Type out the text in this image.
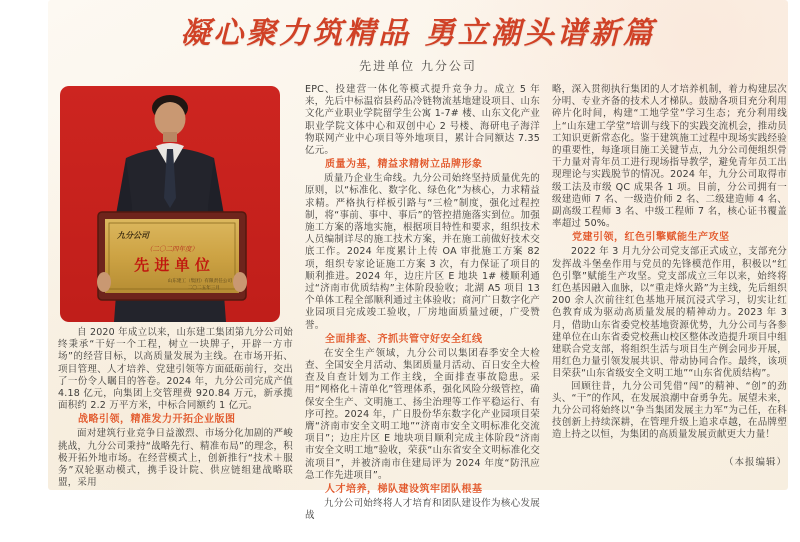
凝心聚力筑精品 勇立潮头谱新篇
先进单位 九分公司
九分公司
（二〇二四年度）
先 进 单 位
山东建工（集团）有限责任公司
二〇二五年三月

自 2020 年成立以来，山东建工集团第九分公司始终秉承“干好一个工程，树立一块牌子，开辟一方市场”的经营目标，以高质量发展为主线。在市场开拓、项目管理、人才培养、党建引领等方面砥砺前行，交出了一份令人瞩目的答卷。2024 年，九分公司完成产值 4.18 亿元，向集团上交管理费 920.84 万元，新承揽面积约 2.2 万平方米，中标合同额约 1 亿元。

战略引领，精准发力开拓企业版图

面对建筑行业竞争日益激烈、市场分化加剧的严峻挑战，九分公司秉持“战略先行、精准布局”的理念，积极开拓外地市场。在经营模式上，创新推行“技术＋服务”双轮驱动模式，携手设计院、供应链组建战略联盟，采用

EPC、投建营一体化等模式提升竞争力。成立 5 年来，先后中标温宿县药品冷链物流基地建设项目、山东文化产业职业学院留学生公寓 1-7# 楼、山东文化产业职业学院文体中心和双创中心 2 号楼、海研电子海洋物联网产业中心项目等外地项目，累计合同额达 7.35 亿元。

质量为基，精益求精树立品牌形象

质量乃企业生命线。九分公司始终坚持质量优先的原则，以“标准化、数字化、绿色化”为核心，力求精益求精。严格执行样板引路与“三检”制度，强化过程控制，将“事前、事中、事后”的管控措施落实到位。加强施工方案的落地实施，根据项目特性和要求，组织技术人员编制详尽的施工技术方案，并在施工前做好技术交底工作。2024 年度累计上传 OA 审批施工方案 82 项，组织专家论证施工方案 3 次，有力保证了项目的顺利推进。2024 年，边庄片区 E 地块 1# 楼顺利通过“济南市优质结构”主体阶段验收；北湖 A5 项目 13 个单体工程全部顺利通过主体验收；商河广日数字化产业园项目完成竣工验收，厂房地面质量过硬，广受赞誉。

全面排查、齐抓共管守好安全红线

在安全生产领域，九分公司以集团春季安全大检查、全国安全月活动、集团质量月活动、百日安全大检查及自查计划为工作主线，全面排查事故隐患。采用“网格化＋清单化”管理体系，强化风险分级管控，确保安全生产、文明施工、扬尘治理等工作平稳运行、有序可控。2024 年，广日股份华东数字化产业园项目荣膺“济南市安全文明工地”“济南市安全文明标准化交流项目”；边庄片区 E 地块项目顺利完成主体阶段“济南市安全文明工地”验收，荣获“山东省安全文明标准化交流项目”，并被济南市住建局评为 2024 年度“防汛应急工作先进项目”。

人才培养，梯队建设筑牢团队根基

九分公司始终将人才培育和团队建设作为核心发展战

略，深入贯彻执行集团的人才培养机制，着力构建层次分明、专业齐备的技术人才梯队。鼓励各项目充分利用碎片化时间，构建“工地学堂”学习生态；充分利用线上“山东建工学堂”培训与线下的实践交流机会，推动员工知识更新常态化。鉴于建筑施工过程中现场实践经验的重要性，每逢项目施工关键节点，九分公司便组织骨干力量对青年员工进行现场指导教学，避免青年员工出现理论与实践脱节的情况。2024 年，九分公司取得市级工法及市级 QC 成果各 1 项。目前，分公司拥有一级建造师 7 名、一级造价师 2 名、二级建造师 4 名、副高级工程师 3 名、中级工程师 7 名，核心证书覆盖率超过 50%。

党建引领，红色引擎赋能生产攻坚

2022 年 3 月九分公司党支部正式成立，支部充分发挥战斗堡垒作用与党员的先锋模范作用，积极以“红色引擎”赋能生产攻坚。党支部成立三年以来，始终将红色基因融入血脉，以“重走烽火路”为主线，先后组织 200 余人次前往红色基地开展沉浸式学习，切实让红色教育成为驱动高质量发展的精神动力。2023 年 3 月，借助山东省委党校基地资源优势，九分公司与各参建单位在山东省委党校燕山校区整体改造提升项目中组建联合党支部，将组织生活与项目生产例会同步开展，用红色力量引领发展共识、带动协同合作。最终，该项目荣获“山东省级安全文明工地”“山东省优质结构”。

回顾往昔，九分公司凭借“闯”的精神、“创”的劲头、“干”的作风，在发展浪潮中奋勇争先。展望未来，九分公司将始终以“争当集团发展主力军”为己任，在科技创新上持续深耕，在管理升级上追求卓越，在品牌塑造上持之以恒，为集团的高质量发展贡献更大力量！

（本报编辑）
